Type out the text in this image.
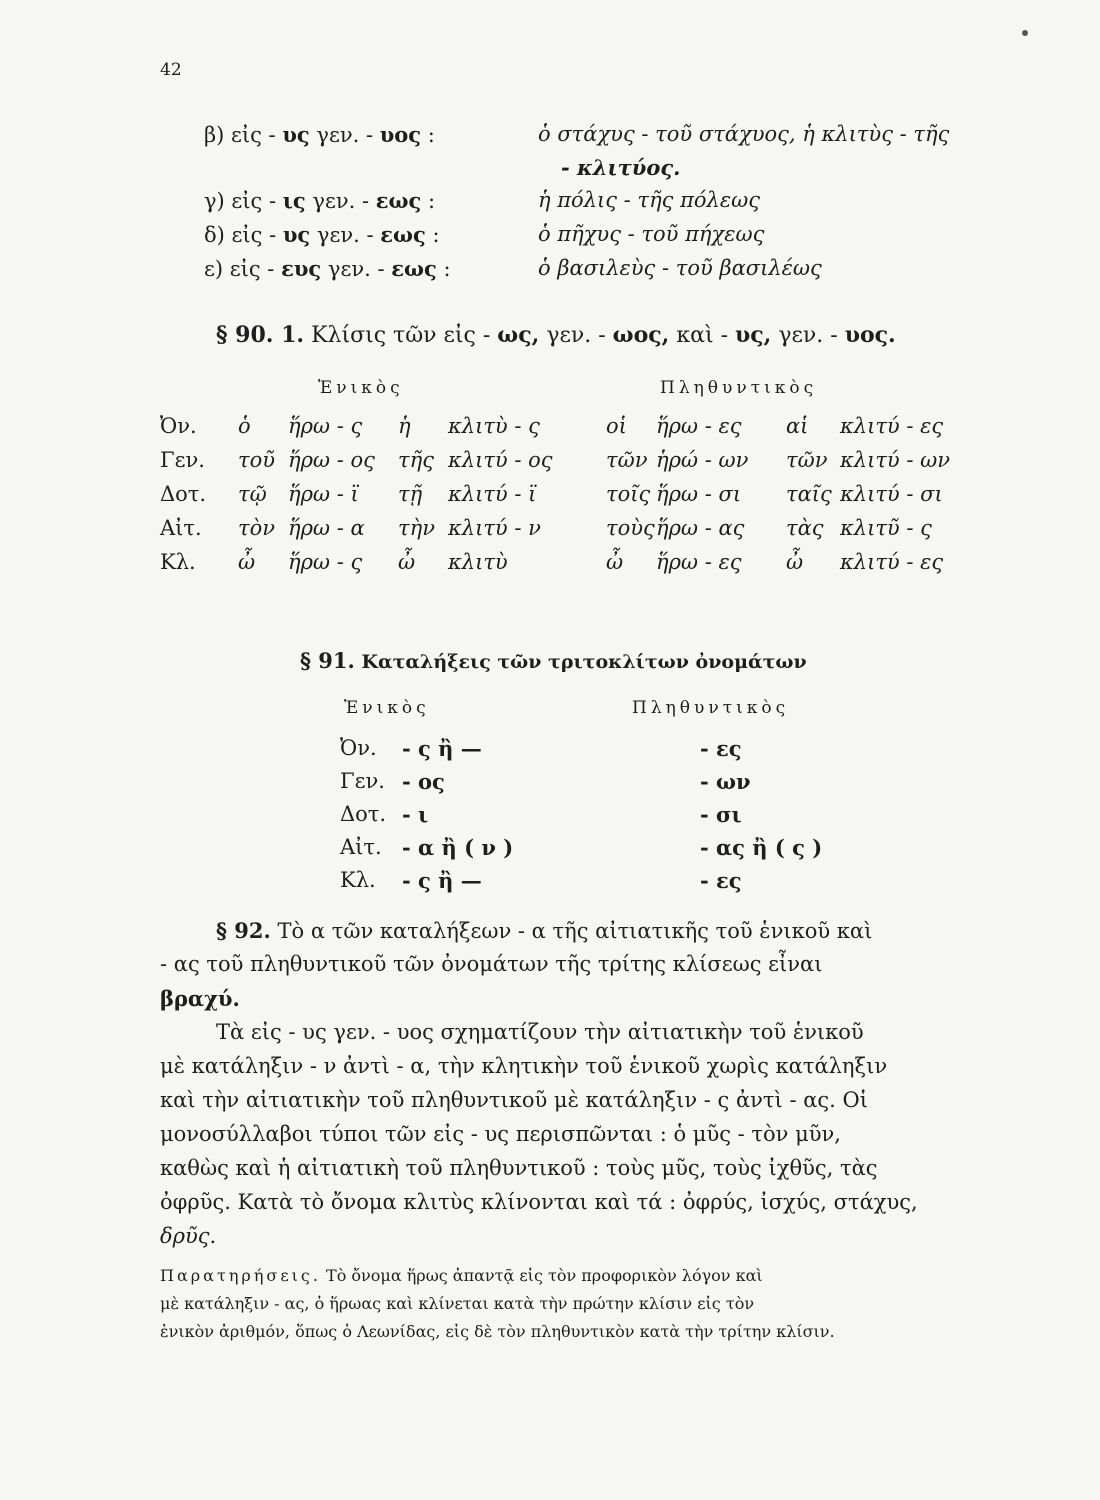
42
β) εἰς - υς γεν. - υος :	ὁ στάχυς - τοῦ στάχυος, ἡ κλιτὺς - τῆς
- κλιτύος.
γ) εἰς - ις γεν. - εως :	ἡ πόλις - τῆς πόλεως
δ) εἰς - υς γεν. - εως :	ὁ πῆχυς - τοῦ πήχεως
ε) εἰς - ευς γεν. - εως :	ὁ βασιλεὺς - τοῦ βασιλέως
§ 90. 1. Κλίσις τῶν εἰς - ως, γεν. - ωος, καὶ - υς, γεν. - υος.
Ἑνικὸς	Πληθυντικὸς
Ὀν. ὁ ἥρω - ς ἡ κλιτὺ - ς	οἱ ἥρω - ες αἱ κλιτύ - ες
Γεν. τοῦ ἥρω - ος τῆς κλιτύ - ος	τῶν ἡρώ - ων τῶν κλιτύ - ων
Δοτ. τῷ ἥρω - ϊ τῇ κλιτύ - ϊ	τοῖς ἥρω - σι ταῖς κλιτύ - σι
Αἰτ. τὸν ἥρω - α τὴν κλιτύ - ν	τοὺς ἥρω - ας τὰς κλιτῦ - ς
Κλ. ὦ ἥρω - ς ὦ κλιτὺ	ὦ ἥρω - ες ὦ κλιτύ - ες
§ 91. Καταλήξεις τῶν τριτοκλίτων ὀνομάτων
Ἑνικὸς	Πληθυντικὸς
Ὀν. - ς ἢ —	- ες
Γεν. - ος	- ων
Δοτ. - ι	- σι
Αἰτ. - α ἢ ( ν )	- ας ἢ ( ς )
Κλ. - ς ἢ —	- ες
§ 92. Τὸ α τῶν καταλήξεων - α τῆς αἰτιατικῆς τοῦ ἑνικοῦ καὶ
- ας τοῦ πληθυντικοῦ τῶν ὀνομάτων τῆς τρίτης κλίσεως εἶναι
βραχύ.
Τὰ εἰς - υς γεν. - υος σχηματίζουν τὴν αἰτιατικὴν τοῦ ἑνικοῦ
μὲ κατάληξιν - ν ἀντὶ - α, τὴν κλητικὴν τοῦ ἑνικοῦ χωρὶς κατάληξιν
καὶ τὴν αἰτιατικὴν τοῦ πληθυντικοῦ μὲ κατάληξιν - ς ἀντὶ - ας. Οἱ
μονοσύλλαβοι τύποι τῶν εἰς - υς περισπῶνται : ὁ μῦς - τὸν μῦν,
καθὼς καὶ ἡ αἰτιατικὴ τοῦ πληθυντικοῦ : τοὺς μῦς, τοὺς ἰχθῦς, τὰς
ὀφρῦς. Κατὰ τὸ ὄνομα κλιτὺς κλίνονται καὶ τά : ὀφρύς, ἰσχύς, στάχυς,
δρῦς.
Παρατηρήσεις. Τὸ ὄνομα ἥρως ἀπαντᾷ εἰς τὸν προφορικὸν λόγον καὶ
μὲ κατάληξιν - ας, ὁ ἥρωας καὶ κλίνεται κατὰ τὴν πρώτην κλίσιν εἰς τὸν
ἑνικὸν ἀριθμόν, ὅπως ὁ Λεωνίδας, εἰς δὲ τὸν πληθυντικὸν κατὰ τὴν τρίτην κλίσιν.
